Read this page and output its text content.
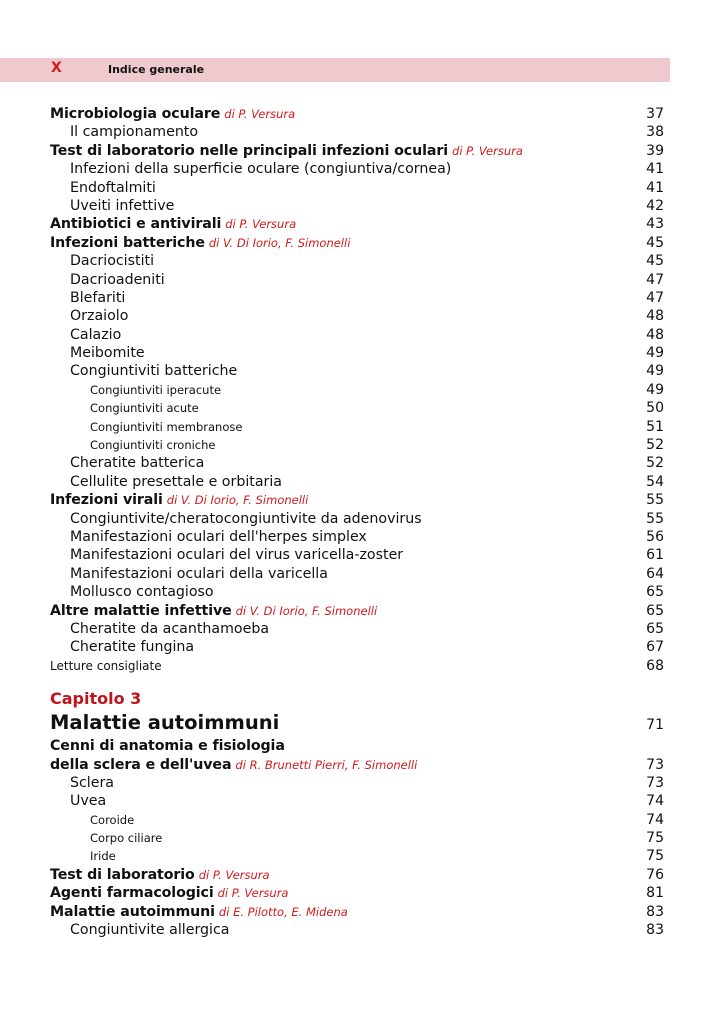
X	Indice generale
Microbiologia oculare di P. Versura	37
Il campionamento	38
Test di laboratorio nelle principali infezioni oculari di P. Versura	39
Infezioni della superficie oculare (congiuntiva/cornea)	41
Endoftalmiti	41
Uveiti infettive	42
Antibiotici e antivirali di P. Versura	43
Infezioni batteriche di V. Di Iorio, F. Simonelli	45
Dacriocistiti	45
Dacrioadeniti	47
Blefariti	47
Orzaiolo	48
Calazio	48
Meibomite	49
Congiuntiviti batteriche	49
Congiuntiviti iperacute	49
Congiuntiviti acute	50
Congiuntiviti membranose	51
Congiuntiviti croniche	52
Cheratite batterica	52
Cellulite presettale e orbitaria	54
Infezioni virali di V. Di Iorio, F. Simonelli	55
Congiuntivite/cheratocongiuntivite da adenovirus	55
Manifestazioni oculari dell'herpes simplex	56
Manifestazioni oculari del virus varicella-zoster	61
Manifestazioni oculari della varicella	64
Mollusco contagioso	65
Altre malattie infettive di V. Di Iorio, F. Simonelli	65
Cheratite da acanthamoeba	65
Cheratite fungina	67
Letture consigliate	68
Capitolo 3
Malattie autoimmuni	71
Cenni di anatomia e fisiologia
della sclera e dell'uvea di R. Brunetti Pierri, F. Simonelli	73
Sclera	73
Uvea	74
Coroide	74
Corpo ciliare	75
Iride	75
Test di laboratorio di P. Versura	76
Agenti farmacologici di P. Versura	81
Malattie autoimmuni di E. Pilotto, E. Midena	83
Congiuntivite allergica	83
